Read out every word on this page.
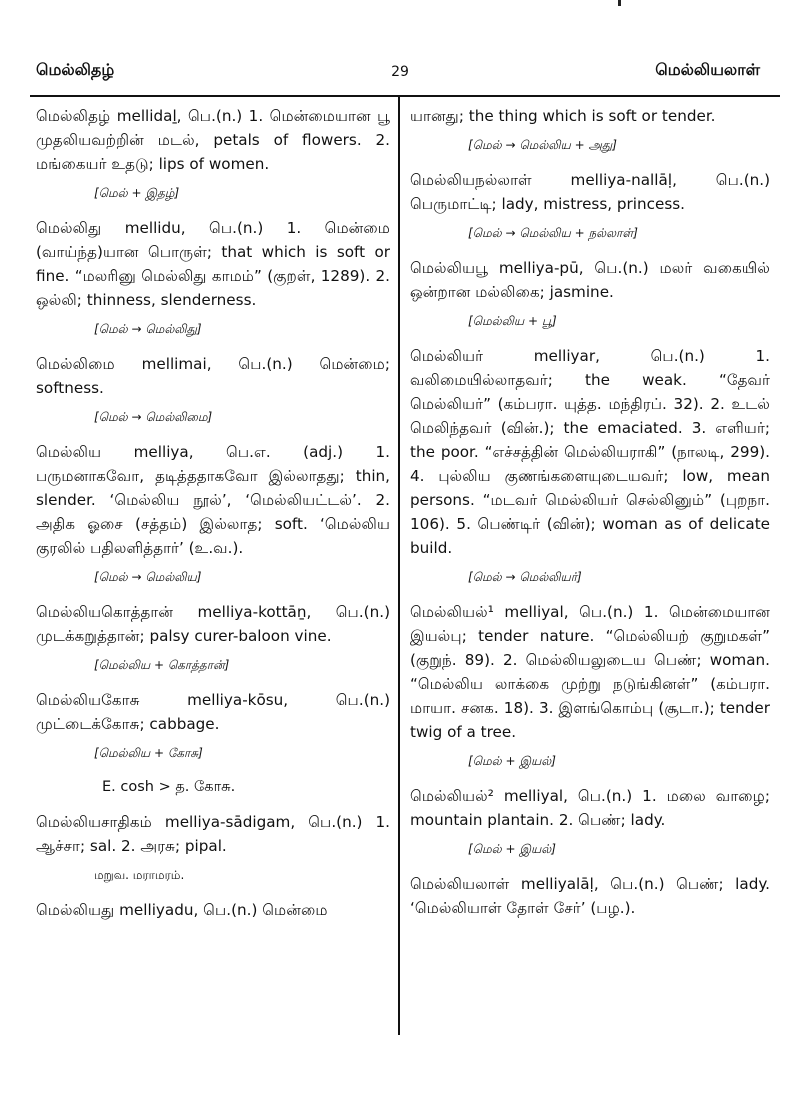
மெல்லிதழ்	29	மெல்லியலாள்
மெல்லிதழ் mellidaḻ, பெ.(n.) 1. மென்மையான பூ முதலியவற்றின் மடல், petals of flowers. 2. மங்கையர் உதடு; lips of women.
[மெல் + இதழ்]
மெல்லிது mellidu, பெ.(n.) 1. மென்மை (வாய்ந்த)யான பொருள்; that which is soft or fine. “மலரினு மெல்லிது காமம்” (குறள், 1289). 2. ஒல்லி; thinness, slenderness.
[மெல் → மெல்லிது]
மெல்லிமை mellimai, பெ.(n.) மென்மை; softness.
[மெல் → மெல்லிமை]
மெல்லிய melliya, பெ.எ. (adj.) 1. பருமனாகவோ, தடித்ததாகவோ இல்லாதது; thin, slender. ‘மெல்லிய நூல்’, ‘மெல்லியட்டல்’. 2. அதிக ஓசை (சத்தம்) இல்லாத; soft. ‘மெல்லிய குரலில் பதிலளித்தார்’ (உ.வ.).
[மெல் → மெல்லிய]
மெல்லியகொத்தான் melliya-kottāṉ, பெ.(n.) முடக்கறுத்தான்; palsy curer-baloon vine.
[மெல்லிய + கொத்தான்]
மெல்லியகோசு melliya-kōsu, பெ.(n.) முட்டைக்கோசு; cabbage.
[மெல்லிய + கோசு]
E. cosh > த. கோசு.
மெல்லியசாதிகம் melliya-sādigam, பெ.(n.) 1. ஆச்சா; sal. 2. அரசு; pipal.
மறுவ. மராமரம்.
மெல்லியது melliyadu, பெ.(n.) மென்மை
யானது; the thing which is soft or tender.
[மெல் → மெல்லிய + அது]
மெல்லியநல்லாள் melliya-nallāḷ, பெ.(n.) பெருமாட்டி; lady, mistress, princess.
[மெல் → மெல்லிய + நல்லாள்]
மெல்லியபூ melliya-pū, பெ.(n.) மலர் வகையில் ஒன்றான மல்லிகை; jasmine.
[மெல்லிய + பூ]
மெல்லியர் melliyar, பெ.(n.) 1. வலிமையில்லாதவர்; the weak. “தேவர் மெல்லியர்” (கம்பரா. யுத்த. மந்திரப். 32). 2. உடல் மெலிந்தவர் (வின்.); the emaciated. 3. எளியர்; the poor. “எச்சத்தின் மெல்லியராகி” (நாலடி, 299). 4. புல்லிய குணங்களையுடையவர்; low, mean persons. “மடவர் மெல்லியர் செல்லினும்” (புறநா. 106). 5. பெண்டிர் (வின்); woman as of delicate build.
[மெல் → மெல்லியர்]
மெல்லியல்¹ melliyal, பெ.(n.) 1. மென்மையான இயல்பு; tender nature. “மெல்லியற் குறுமகள்” (குறுந். 89). 2. மெல்லியலுடைய பெண்; woman. “மெல்லிய லாக்கை முற்று நடுங்கினள்” (கம்பரா. மாயா. சனக. 18). 3. இளங்கொம்பு (சூடா.); tender twig of a tree.
[மெல் + இயல்]
மெல்லியல்² melliyal, பெ.(n.) 1. மலை வாழை; mountain plantain. 2. பெண்; lady.
[மெல் + இயல்]
மெல்லியலாள் melliyalāḷ, பெ.(n.) பெண்; lady. ‘மெல்லியாள் தோள் சேர்’ (பழ.).
